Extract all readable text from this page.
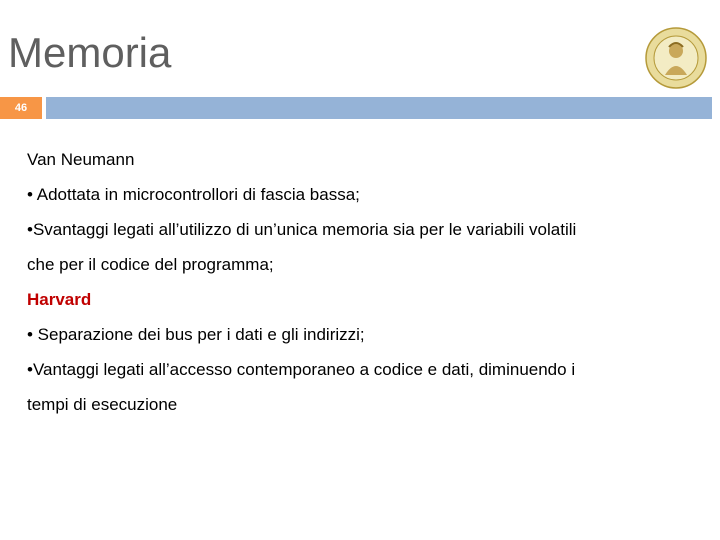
Memoria
46
Van Neumann
• Adottata in microcontrollori di fascia bassa;
•Svantaggi legati all’utilizzo di un’unica memoria sia per le variabili volatili
che per il codice del programma;
Harvard
• Separazione dei bus per i dati e gli indirizzi;
•Vantaggi legati all’accesso contemporaneo a codice e dati, diminuendo i
tempi di esecuzione
